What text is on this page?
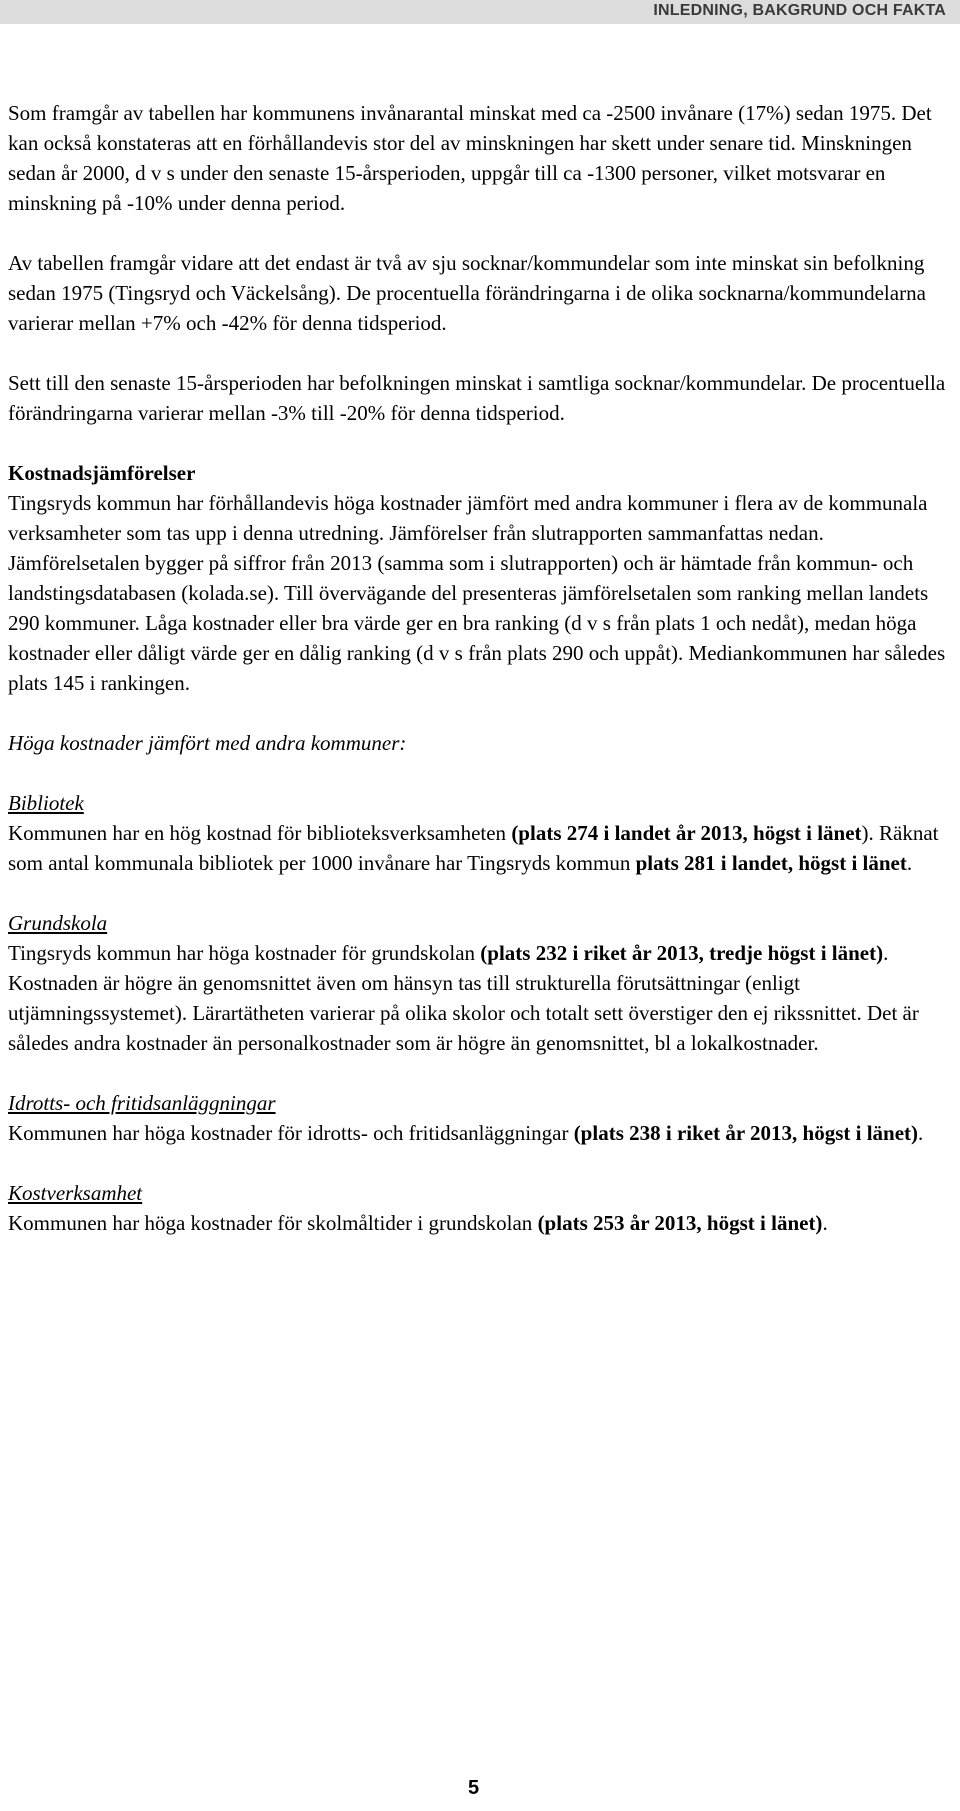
INLEDNING, BAKGRUND OCH FAKTA

Som framgår av tabellen har kommunens invånarantal minskat med ca -2500 invånare (17%) sedan 1975. Det kan också konstateras att en förhållandevis stor del av minskningen har skett under senare tid. Minskningen sedan år 2000, d v s under den senaste 15-årsperioden, uppgår till ca -1300 personer, vilket motsvarar en minskning på -10% under denna period.

Av tabellen framgår vidare att det endast är två av sju socknar/kommundelar som inte minskat sin befolkning sedan 1975 (Tingsryd och Väckelsång). De procentuella förändringarna i de olika socknarna/kommundelarna varierar mellan +7% och -42% för denna tidsperiod.

Sett till den senaste 15-årsperioden har befolkningen minskat i samtliga socknar/kommundelar. De procentuella förändringarna varierar mellan -3% till -20% för denna tidsperiod.

Kostnadsjämförelser

Tingsryds kommun har förhållandevis höga kostnader jämfört med andra kommuner i flera av de kommunala verksamheter som tas upp i denna utredning. Jämförelser från slutrapporten sammanfattas nedan. Jämförelsetalen bygger på siffror från 2013 (samma som i slutrapporten) och är hämtade från kommun- och landstingsdatabasen (kolada.se). Till övervägande del presenteras jämförelsetalen som ranking mellan landets 290 kommuner. Låga kostnader eller bra värde ger en bra ranking (d v s från plats 1 och nedåt), medan höga kostnader eller dåligt värde ger en dålig ranking (d v s från plats 290 och uppåt). Mediankommunen har således plats 145 i rankingen.

Höga kostnader jämfört med andra kommuner:

Bibliotek

Kommunen har en hög kostnad för biblioteksverksamheten (plats 274 i landet år 2013, högst i länet). Räknat som antal kommunala bibliotek per 1000 invånare har Tingsryds kommun plats 281 i landet, högst i länet.

Grundskola

Tingsryds kommun har höga kostnader för grundskolan (plats 232 i riket år 2013, tredje högst i länet). Kostnaden är högre än genomsnittet även om hänsyn tas till strukturella förutsättningar (enligt utjämningssystemet). Lärartätheten varierar på olika skolor och totalt sett överstiger den ej rikssnittet. Det är således andra kostnader än personalkostnader som är högre än genomsnittet, bl a lokalkostnader.

Idrotts- och fritidsanläggningar

Kommunen har höga kostnader för idrotts- och fritidsanläggningar (plats 238 i riket år 2013, högst i länet).

Kostverksamhet

Kommunen har höga kostnader för skolmåltider i grundskolan (plats 253 år 2013, högst i länet).

5
